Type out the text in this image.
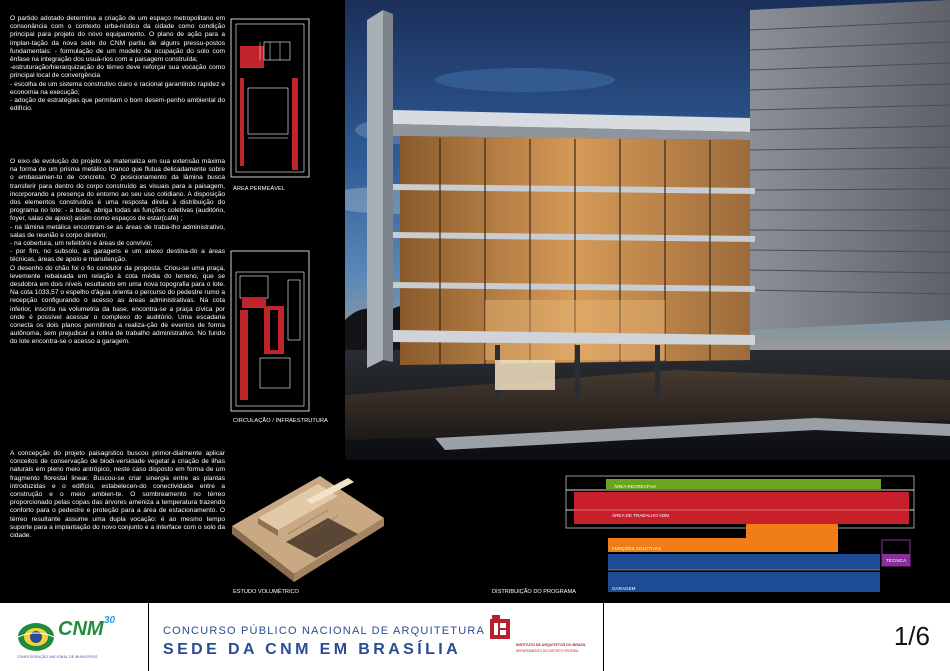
O partido adotado determina a criação de um espaço metropolitano em consonância com o contexto urba-nístico da cidade como condição principal para projeto do novo equipamento. O plano de ação para a implan-tação da nova sede do CNM partiu de alguns pressu-postos fundamentais: - formulação de um modelo de ocupação do solo com ênfase na integração dos usuá-rios com a paisagem construída;

-estruturação/hierarquização do térreo deve reforçar sua vocação como principal local de convergência

- escolha de um sistema construtivo claro e racional garantindo rapidez e economia na execução;

- adoção de estratégias que permitam o bom desem-penho ambiental do edifício.

O eixo de evolução do projeto se materializa em sua extensão máxima na forma de um prisma metálico branco que flutua delicadamente sobre o embasamen-to de concreto. O posicionamento da lâmina busca transferir para dentro do corpo construído as visuais para a paisagem, incorporando a presença do entorno ao seu uso cotidiano. A disposição dos elementos construídos é uma resposta direta à distribuição do programa no lote: - a base, abriga todas as funções coletivas (auditório, foyer, salas de apoio) assim como espaços de estar(café) ;

- na lâmina metálica encontram-se as áreas de traba-lho administrativo, salas de reunião e corpo diretivo;

- na cobertura, um refeitório e áreas de convívio;

- por fim, no subsolo, as garagens e um anexo destina-do a áreas técnicas, áreas de apoio e manutenção.

O desenho do chão foi o fio condutor da proposta. Criou-se uma praça, levemente rebaixada em relação à cota média do terreno, que se desdobra em dois níveis resultando em uma nova topografia para o lote. Na cota 1033,57 o espelho d'água orienta o percurso do pedestre rumo a recepção configurando o acesso as áreas administrativas. Na cota inferior, inscrita na volumetria da base, encontra-se a praça cívica por onde é possível acessar o complexo do auditório. Uma escadaria conecta os dois planos permitindo a realiza-ção de eventos de forma autônoma, sem prejudicar a rotina de trabalho administrativo. No fundo do lote encontra-se o acesso a garagem.

A concepção do projeto paisagístico buscou primor-dialmente aplicar conceitos de conservação de biodi-versidade vegetal a criação de ilhas naturais em pleno meio antrópico, neste caso disposto em forma de um fragmento florestal linear. Buscou-se criar sinergia entre as plantas introduzidas e o edifício, estabelecen-do conectividade entre a construção e o meio ambien-te. O sombreamento no térreo proporcionado pelas copas das árvores ameniza a temperatura trazendo conforto para o pedestre e proteção para a área de estacionamento. O térreo resultante assume uma dupla vocação: é ao mesmo tempo suporte para a implantação do novo conjunto e a interface com o solo da cidade.

ÁREA PERMEÁVEL
CIRCULAÇÃO / INFRAESTRUTURA
ESTUDO VOLUMÉTRICO
ÁREA RECREATIVA
ÁREA DE TRABALHO ADM
FUNÇÕES COLETIVAS
TÉCNICA
GARAGEM
DISTRIBUIÇÃO DO PROGRAMA
CNM 30
CONFEDERAÇÃO NACIONAL DE MUNICÍPIOS
CONCURSO PÚBLICO NACIONAL DE ARQUITETURA
SEDE DA CNM EM BRASÍLIA	INSTITUTO DE ARQUITETOS DO BRASIL
DEPARTAMENTO DO DISTRITO FEDERAL	1/6
